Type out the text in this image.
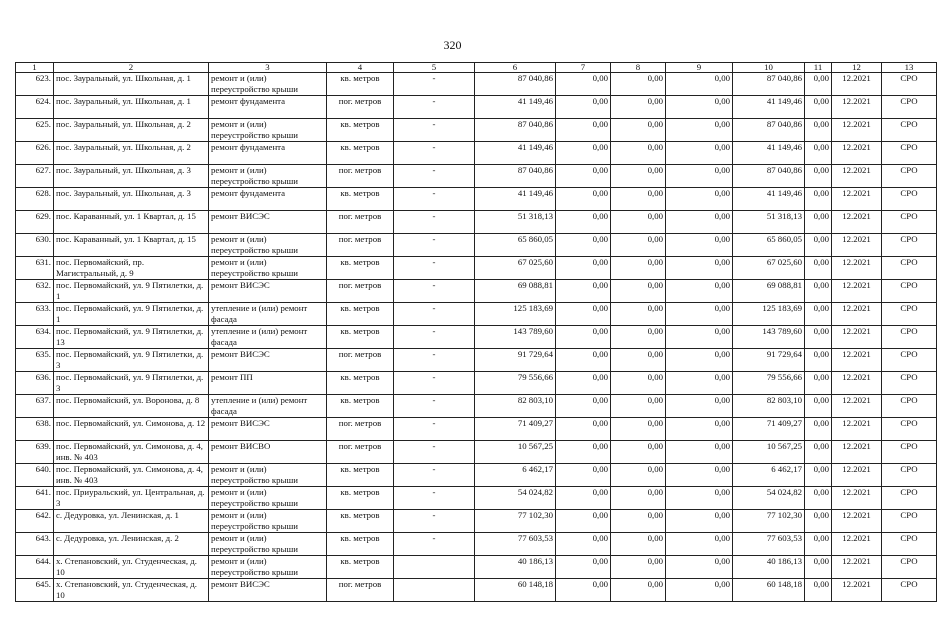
320
1	2	3	4	5	6	7	8	9	10	11	12	13
623.	пос. Зауральный, ул. Школьная, д. 1	ремонт и (или) переустройство крыши	кв. метров	-	87 040,86	0,00	0,00	0,00	87 040,86	0,00	12.2021	СРО
624.	пос. Зауральный, ул. Школьная, д. 1	ремонт фундамента	пог. метров	-	41 149,46	0,00	0,00	0,00	41 149,46	0,00	12.2021	СРО
625.	пос. Зауральный, ул. Школьная, д. 2	ремонт и (или) переустройство крыши	кв. метров	-	87 040,86	0,00	0,00	0,00	87 040,86	0,00	12.2021	СРО
626.	пос. Зауральный, ул. Школьная, д. 2	ремонт фундамента	кв. метров	-	41 149,46	0,00	0,00	0,00	41 149,46	0,00	12.2021	СРО
627.	пос. Зауральный, ул. Школьная, д. 3	ремонт и (или) переустройство крыши	пог. метров	-	87 040,86	0,00	0,00	0,00	87 040,86	0,00	12.2021	СРО
628.	пос. Зауральный, ул. Школьная, д. 3	ремонт фундамента	кв. метров	-	41 149,46	0,00	0,00	0,00	41 149,46	0,00	12.2021	СРО
629.	пос. Караванный, ул. 1 Квартал, д. 15	ремонт ВИСЭС	пог. метров	-	51 318,13	0,00	0,00	0,00	51 318,13	0,00	12.2021	СРО
630.	пос. Караванный, ул. 1 Квартал, д. 15	ремонт и (или) переустройство крыши	пог. метров	-	65 860,05	0,00	0,00	0,00	65 860,05	0,00	12.2021	СРО
631.	пос. Первомайский, пр. Магистральный, д. 9	ремонт и (или) переустройство крыши	кв. метров	-	67 025,60	0,00	0,00	0,00	67 025,60	0,00	12.2021	СРО
632.	пос. Первомайский, ул. 9 Пятилетки, д. 1	ремонт ВИСЭС	пог. метров	-	69 088,81	0,00	0,00	0,00	69 088,81	0,00	12.2021	СРО
633.	пос. Первомайский, ул. 9 Пятилетки, д. 1	утепление и (или) ремонт фасада	кв. метров	-	125 183,69	0,00	0,00	0,00	125 183,69	0,00	12.2021	СРО
634.	пос. Первомайский, ул. 9 Пятилетки, д. 13	утепление и (или) ремонт фасада	кв. метров	-	143 789,60	0,00	0,00	0,00	143 789,60	0,00	12.2021	СРО
635.	пос. Первомайский, ул. 9 Пятилетки, д. 3	ремонт ВИСЭС	пог. метров	-	91 729,64	0,00	0,00	0,00	91 729,64	0,00	12.2021	СРО
636.	пос. Первомайский, ул. 9 Пятилетки, д. 3	ремонт ПП	кв. метров	-	79 556,66	0,00	0,00	0,00	79 556,66	0,00	12.2021	СРО
637.	пос. Первомайский, ул. Воронова, д. 8	утепление и (или) ремонт фасада	кв. метров	-	82 803,10	0,00	0,00	0,00	82 803,10	0,00	12.2021	СРО
638.	пос. Первомайский, ул. Симонова, д. 12	ремонт ВИСЭС	пог. метров	-	71 409,27	0,00	0,00	0,00	71 409,27	0,00	12.2021	СРО
639.	пос. Первомайский, ул. Симонова, д. 4, инв. № 403	ремонт ВИСВО	пог. метров	-	10 567,25	0,00	0,00	0,00	10 567,25	0,00	12.2021	СРО
640.	пос. Первомайский, ул. Симонова, д. 4, инв. № 403	ремонт и (или) переустройство крыши	кв. метров	-	6 462,17	0,00	0,00	0,00	6 462,17	0,00	12.2021	СРО
641.	пос. Приуральский, ул. Центральная, д. 3	ремонт и (или) переустройство крыши	кв. метров	-	54 024,82	0,00	0,00	0,00	54 024,82	0,00	12.2021	СРО
642.	с. Дедуровка, ул. Ленинская, д. 1	ремонт и (или) переустройство крыши	кв. метров	-	77 102,30	0,00	0,00	0,00	77 102,30	0,00	12.2021	СРО
643.	с. Дедуровка, ул. Ленинская, д. 2	ремонт и (или) переустройство крыши	кв. метров	-	77 603,53	0,00	0,00	0,00	77 603,53	0,00	12.2021	СРО
644.	х. Степановский, ул. Студенческая, д. 10	ремонт и (или) переустройство крыши	кв. метров		40 186,13	0,00	0,00	0,00	40 186,13	0,00	12.2021	СРО
645.	х. Степановский, ул. Студенческая, д. 10	ремонт ВИСЭС	пог. метров		60 148,18	0,00	0,00	0,00	60 148,18	0,00	12.2021	СРО
